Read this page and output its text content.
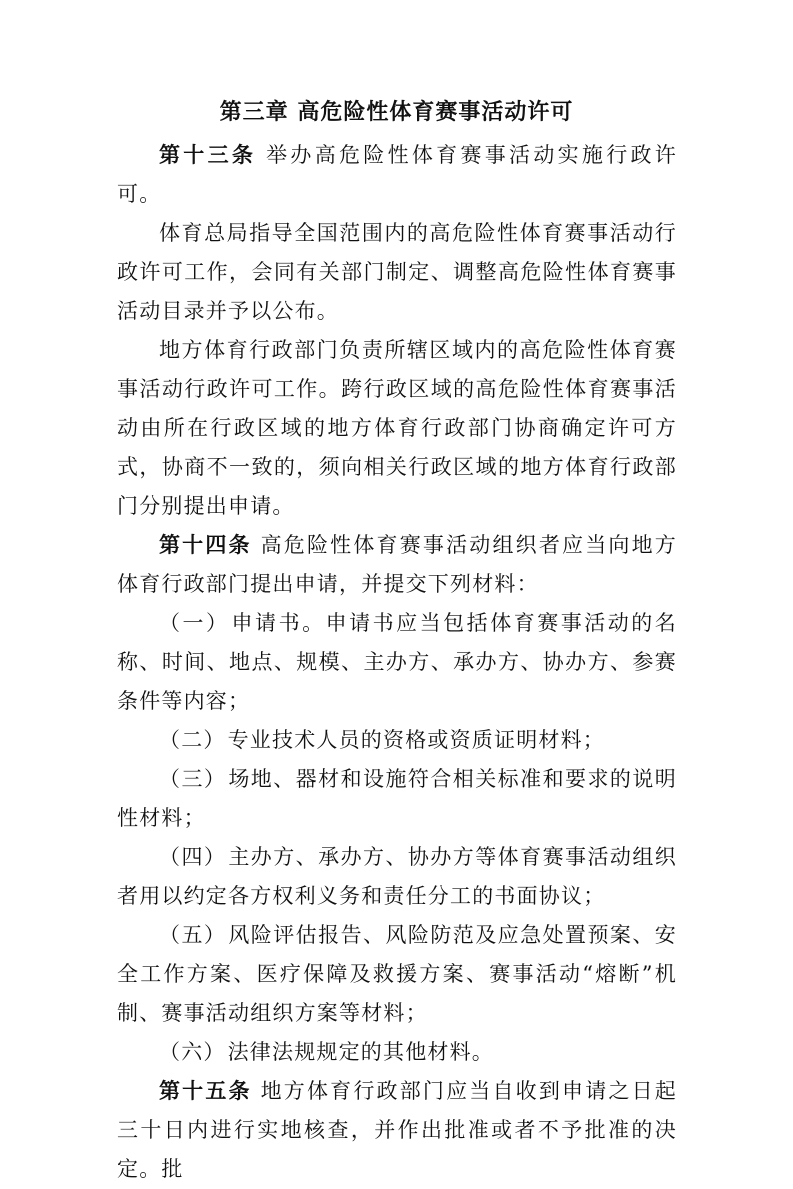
第三章 高危险性体育赛事活动许可

第十三条 举办高危险性体育赛事活动实施行政许可。

体育总局指导全国范围内的高危险性体育赛事活动行政许可工作，会同有关部门制定、调整高危险性体育赛事活动目录并予以公布。

地方体育行政部门负责所辖区域内的高危险性体育赛事活动行政许可工作。跨行政区域的高危险性体育赛事活动由所在行政区域的地方体育行政部门协商确定许可方式，协商不一致的，须向相关行政区域的地方体育行政部门分别提出申请。

第十四条 高危险性体育赛事活动组织者应当向地方体育行政部门提出申请，并提交下列材料：

（一）申请书。申请书应当包括体育赛事活动的名称、时间、地点、规模、主办方、承办方、协办方、参赛条件等内容；

（二）专业技术人员的资格或资质证明材料；

（三）场地、器材和设施符合相关标准和要求的说明性材料；

（四）主办方、承办方、协办方等体育赛事活动组织者用以约定各方权利义务和责任分工的书面协议；

（五）风险评估报告、风险防范及应急处置预案、安全工作方案、医疗保障及救援方案、赛事活动“熔断”机制、赛事活动组织方案等材料；

（六）法律法规规定的其他材料。

第十五条 地方体育行政部门应当自收到申请之日起三十日内进行实地核查，并作出批准或者不予批准的决定。批
